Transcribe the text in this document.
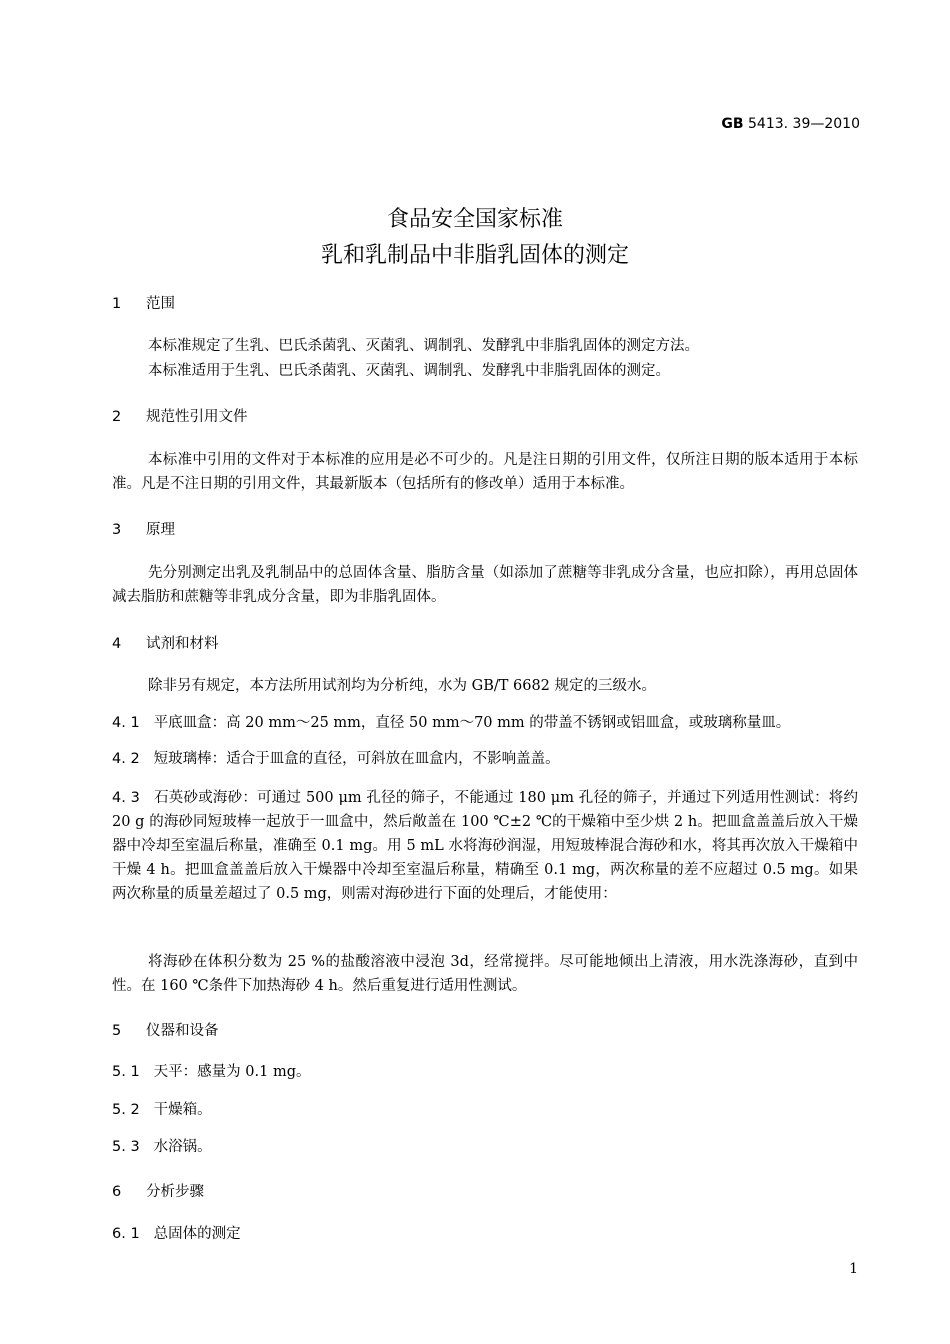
GB 5413. 39—2010
食品安全国家标准
乳和乳制品中非脂乳固体的测定
1 范围
本标准规定了生乳、巴氏杀菌乳、灭菌乳、调制乳、发酵乳中非脂乳固体的测定方法。
本标准适用于生乳、巴氏杀菌乳、灭菌乳、调制乳、发酵乳中非脂乳固体的测定。
2 规范性引用文件
本标准中引用的文件对于本标准的应用是必不可少的。凡是注日期的引用文件，仅所注日期的版本适用于本标准。凡是不注日期的引用文件，其最新版本（包括所有的修改单）适用于本标准。
3 原理
先分别测定出乳及乳制品中的总固体含量、脂肪含量（如添加了蔗糖等非乳成分含量，也应扣除），再用总固体减去脂肪和蔗糖等非乳成分含量，即为非脂乳固体。
4 试剂和材料
除非另有规定，本方法所用试剂均为分析纯，水为 GB/T 6682 规定的三级水。
4. 1 平底皿盒：高 20 mm～25 mm，直径 50 mm～70 mm 的带盖不锈钢或铝皿盒，或玻璃称量皿。
4. 2 短玻璃棒：适合于皿盒的直径，可斜放在皿盒内，不影响盖盖。
4. 3 石英砂或海砂：可通过 500 μm 孔径的筛子，不能通过 180 μm 孔径的筛子，并通过下列适用性测试：将约 20 g 的海砂同短玻棒一起放于一皿盒中，然后敞盖在 100 ℃±2 ℃的干燥箱中至少烘 2 h。把皿盒盖盖后放入干燥器中冷却至室温后称量，准确至 0.1 mg。用 5 mL 水将海砂润湿，用短玻棒混合海砂和水，将其再次放入干燥箱中干燥 4 h。把皿盒盖盖后放入干燥器中冷却至室温后称量，精确至 0.1 mg，两次称量的差不应超过 0.5 mg。如果两次称量的质量差超过了 0.5 mg，则需对海砂进行下面的处理后，才能使用：
将海砂在体积分数为 25 %的盐酸溶液中浸泡 3d，经常搅拌。尽可能地倾出上清液，用水洗涤海砂，直到中性。在 160 ℃条件下加热海砂 4 h。然后重复进行适用性测试。
5 仪器和设备
5. 1 天平：感量为 0.1 mg。
5. 2 干燥箱。
5. 3 水浴锅。
6 分析步骤
6. 1 总固体的测定
1
